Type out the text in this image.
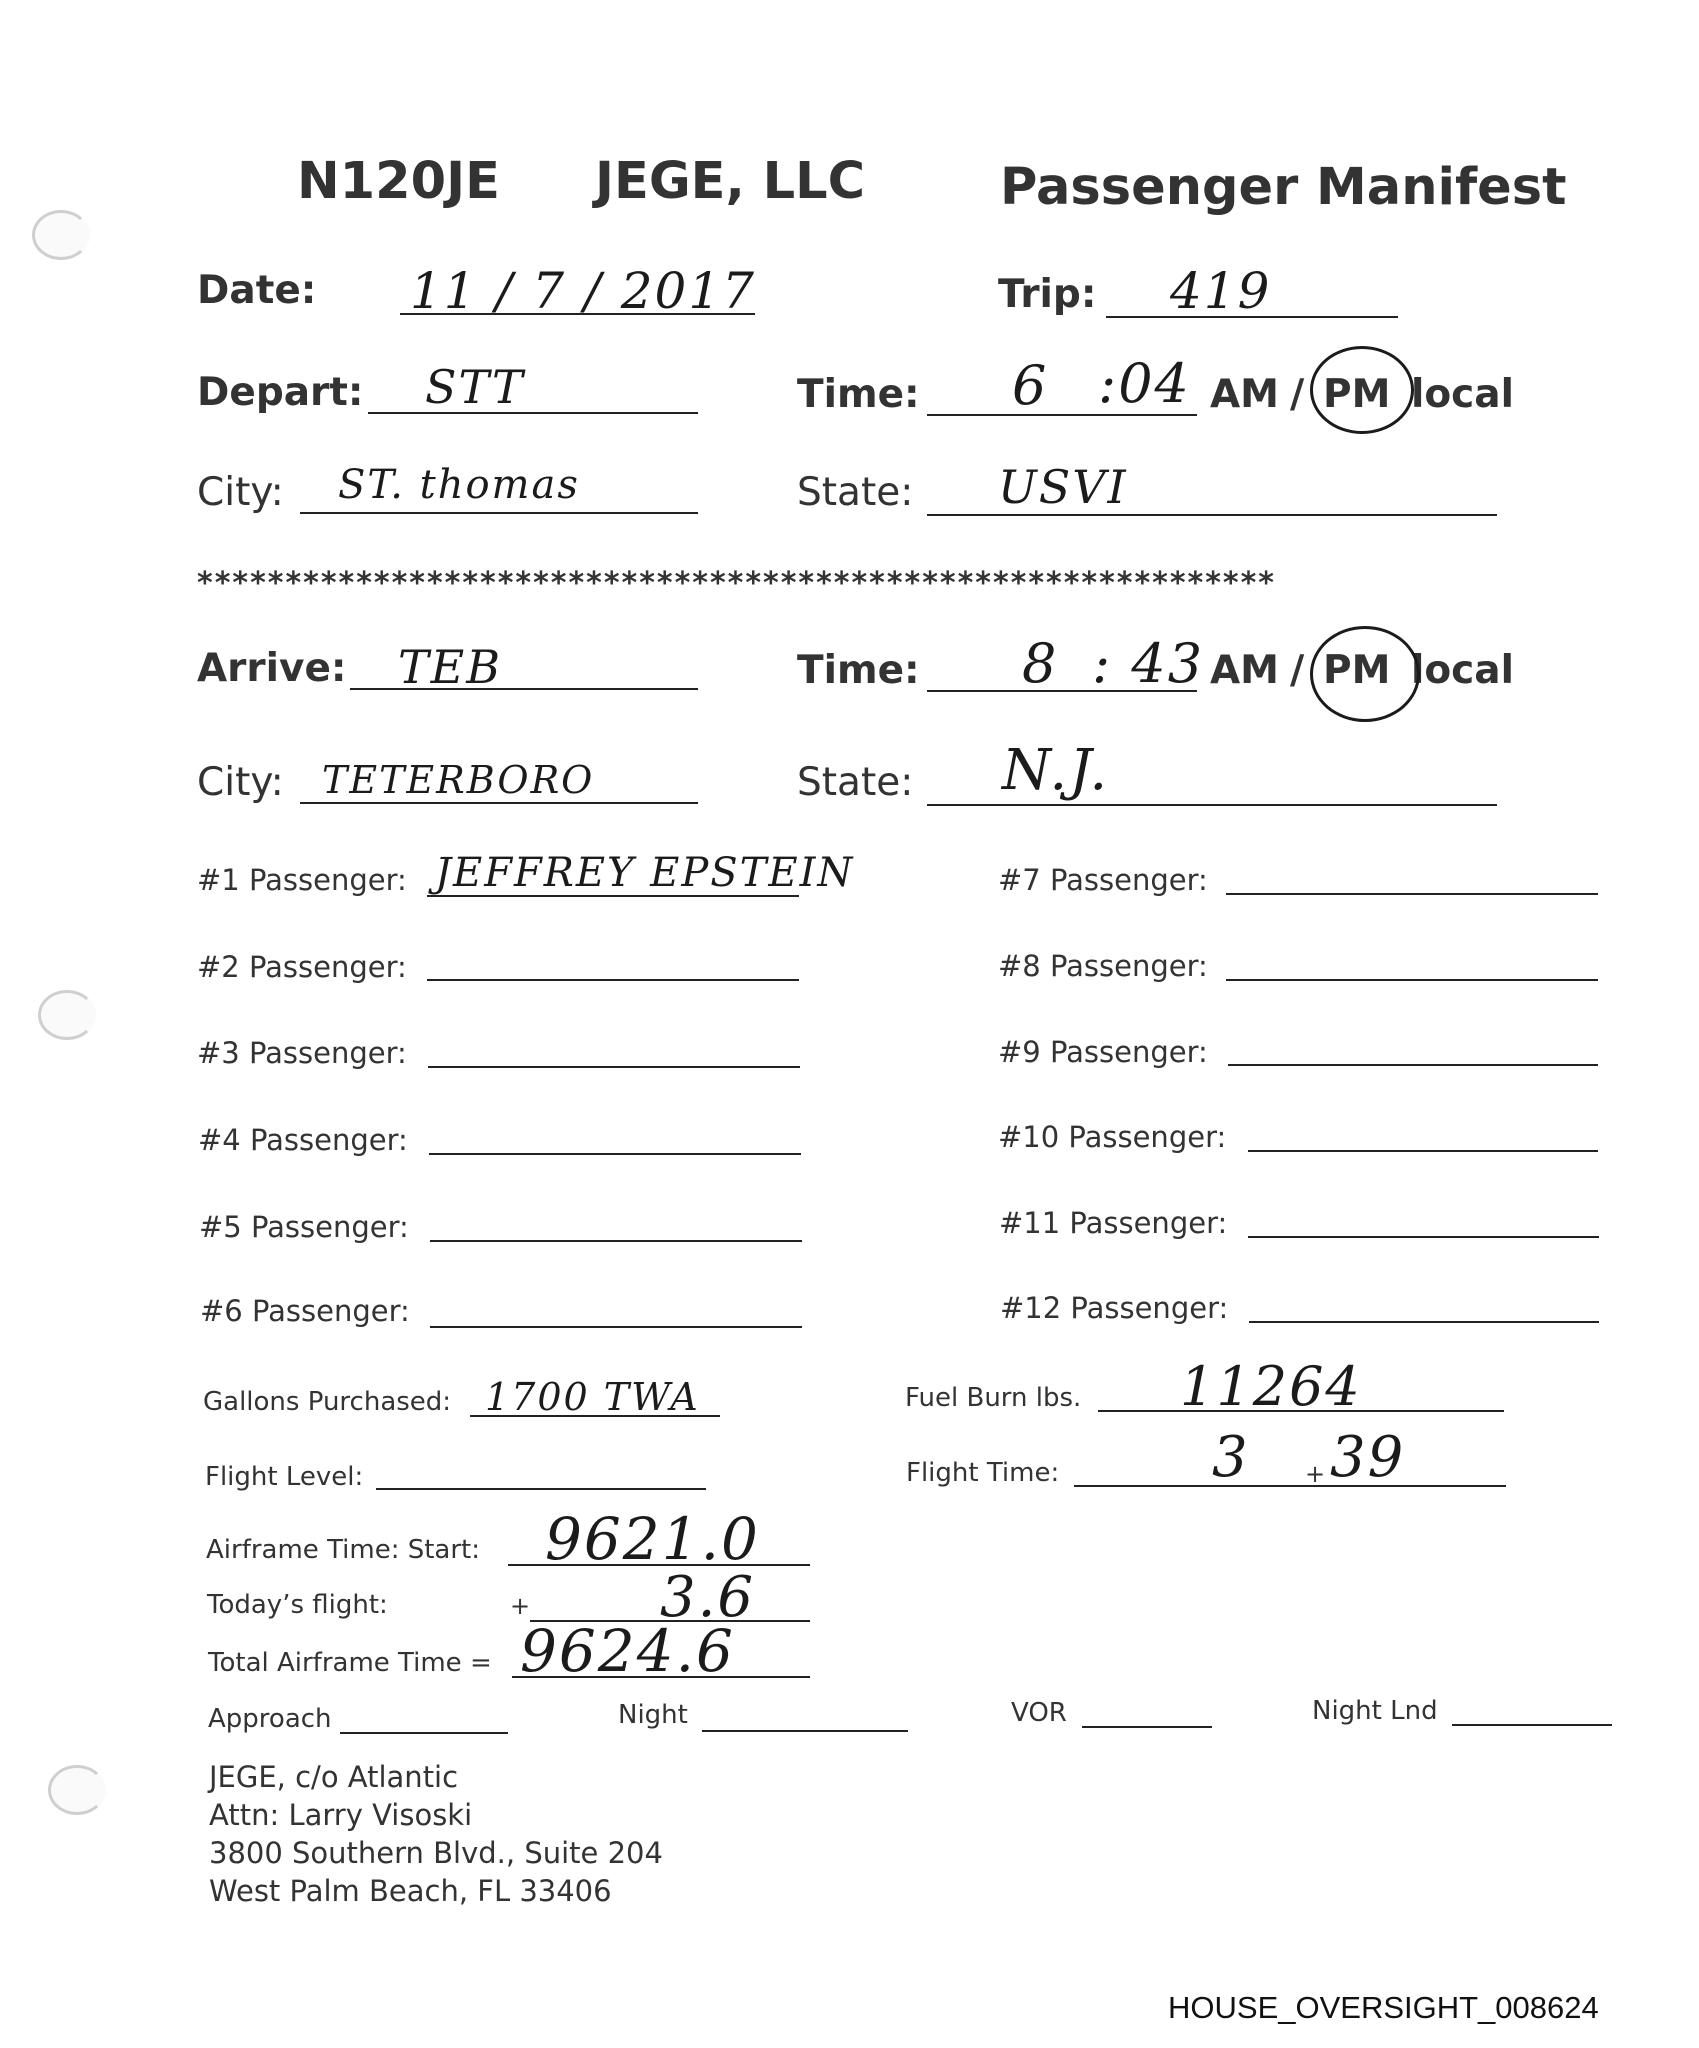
N120JE JEGE, LLC	Passenger Manifest
Date: 11 / 7 / 2017	Trip: 419
Depart: STT	Time: 6 :04 AM / PM local
City: ST. thomas	State: USVI
*************************************************************
Arrive: TEB	Time: 8 : 43 AM / PM local
City: TETERBORO	State: N.J.
#1 Passenger: JEFFREY EPSTEIN
#2 Passenger:
#3 Passenger:
#4 Passenger:
#5 Passenger:
#6 Passenger:
#7 Passenger:
#8 Passenger:
#9 Passenger:
#10 Passenger:
#11 Passenger:
#12 Passenger:
Gallons Purchased: 1700 TWA	Fuel Burn lbs. 11264
Flight Level:	Flight Time:	3 + 39
Airframe Time: Start: 9621.0
Today’s flight:	+ 3.6
Total Airframe Time = 9624.6
Approach	Night	VOR	Night Lnd
JEGE, c/o Atlantic
Attn: Larry Visoski
3800 Southern Blvd., Suite 204
West Palm Beach, FL 33406
HOUSE_OVERSIGHT_008624
